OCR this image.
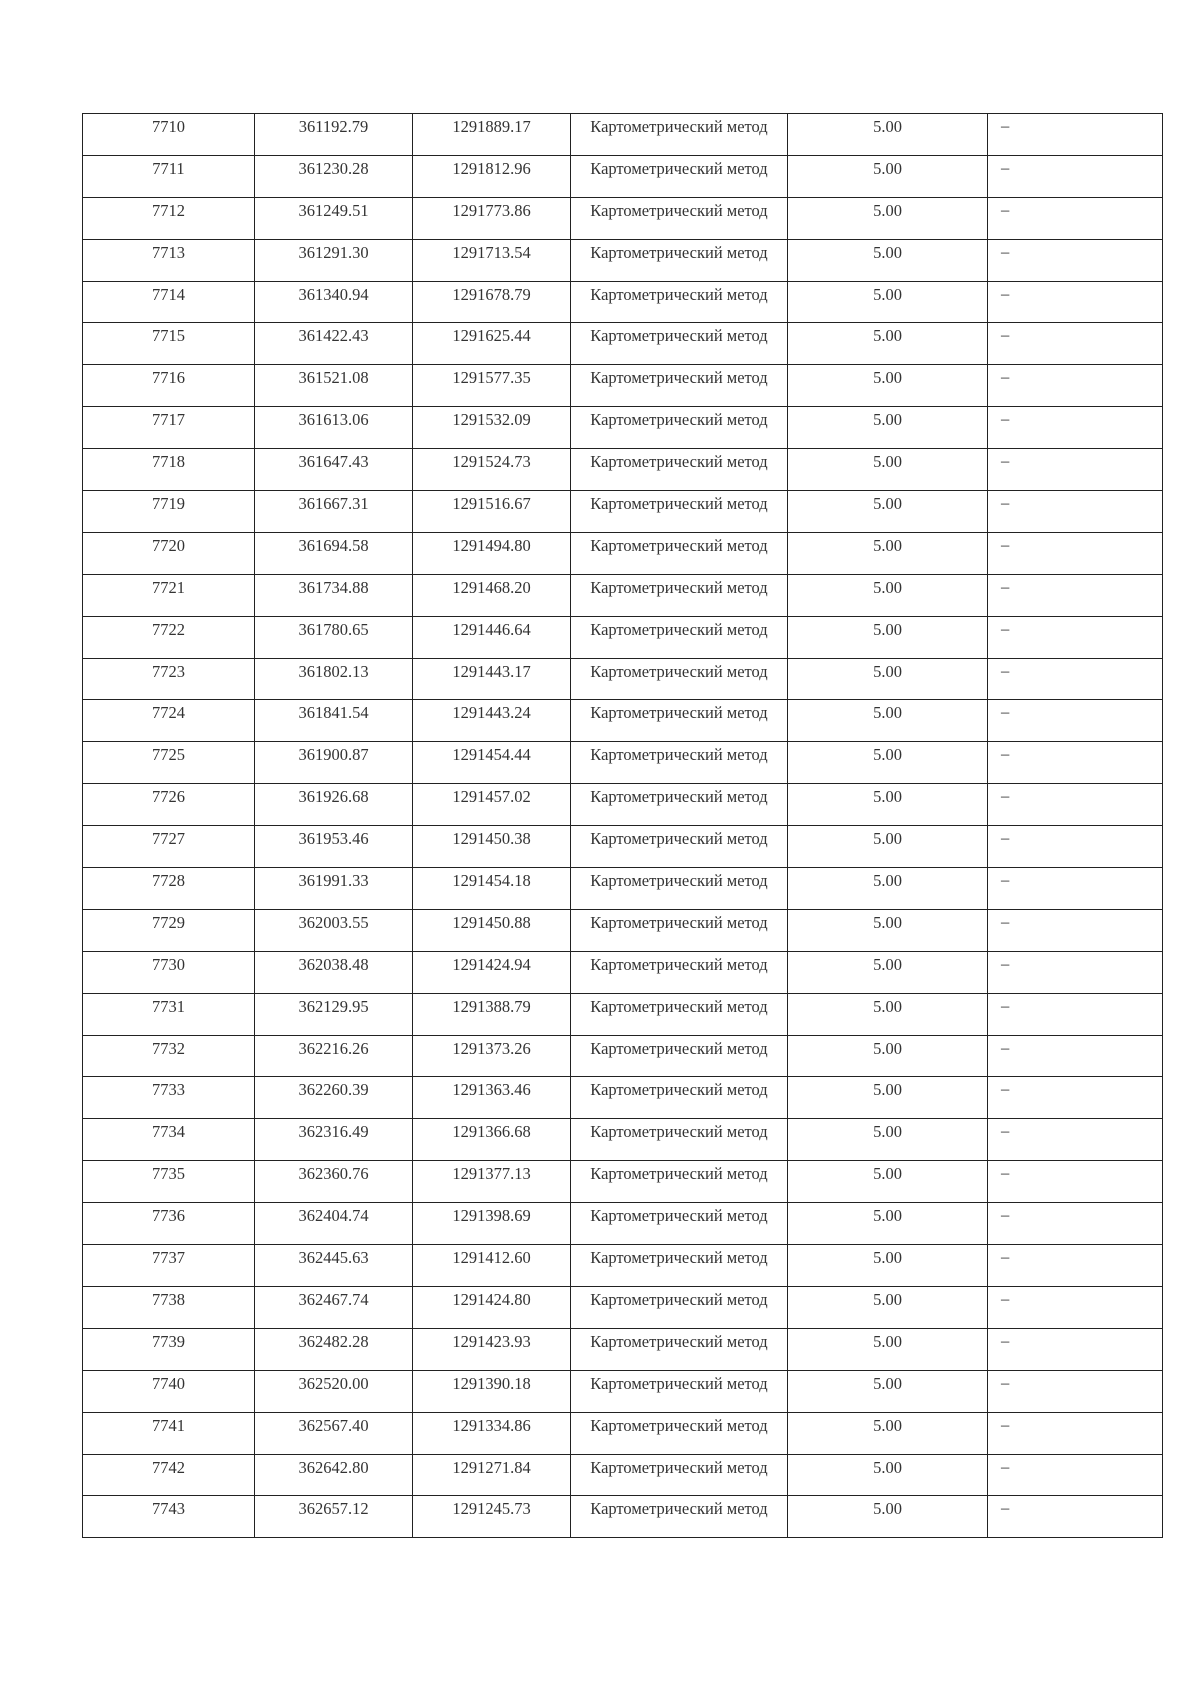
7710	361192.79	1291889.17	Картометрический метод	5.00	–

7711	361230.28	1291812.96	Картометрический метод	5.00	–

7712	361249.51	1291773.86	Картометрический метод	5.00	–

7713	361291.30	1291713.54	Картометрический метод	5.00	–

7714	361340.94	1291678.79	Картометрический метод	5.00	–

7715	361422.43	1291625.44	Картометрический метод	5.00	–

7716	361521.08	1291577.35	Картометрический метод	5.00	–

7717	361613.06	1291532.09	Картометрический метод	5.00	–

7718	361647.43	1291524.73	Картометрический метод	5.00	–

7719	361667.31	1291516.67	Картометрический метод	5.00	–

7720	361694.58	1291494.80	Картометрический метод	5.00	–

7721	361734.88	1291468.20	Картометрический метод	5.00	–

7722	361780.65	1291446.64	Картометрический метод	5.00	–

7723	361802.13	1291443.17	Картометрический метод	5.00	–

7724	361841.54	1291443.24	Картометрический метод	5.00	–

7725	361900.87	1291454.44	Картометрический метод	5.00	–

7726	361926.68	1291457.02	Картометрический метод	5.00	–

7727	361953.46	1291450.38	Картометрический метод	5.00	–

7728	361991.33	1291454.18	Картометрический метод	5.00	–

7729	362003.55	1291450.88	Картометрический метод	5.00	–

7730	362038.48	1291424.94	Картометрический метод	5.00	–

7731	362129.95	1291388.79	Картометрический метод	5.00	–

7732	362216.26	1291373.26	Картометрический метод	5.00	–

7733	362260.39	1291363.46	Картометрический метод	5.00	–

7734	362316.49	1291366.68	Картометрический метод	5.00	–

7735	362360.76	1291377.13	Картометрический метод	5.00	–

7736	362404.74	1291398.69	Картометрический метод	5.00	–

7737	362445.63	1291412.60	Картометрический метод	5.00	–

7738	362467.74	1291424.80	Картометрический метод	5.00	–

7739	362482.28	1291423.93	Картометрический метод	5.00	–

7740	362520.00	1291390.18	Картометрический метод	5.00	–

7741	362567.40	1291334.86	Картометрический метод	5.00	–

7742	362642.80	1291271.84	Картометрический метод	5.00	–

7743	362657.12	1291245.73	Картометрический метод	5.00	–
